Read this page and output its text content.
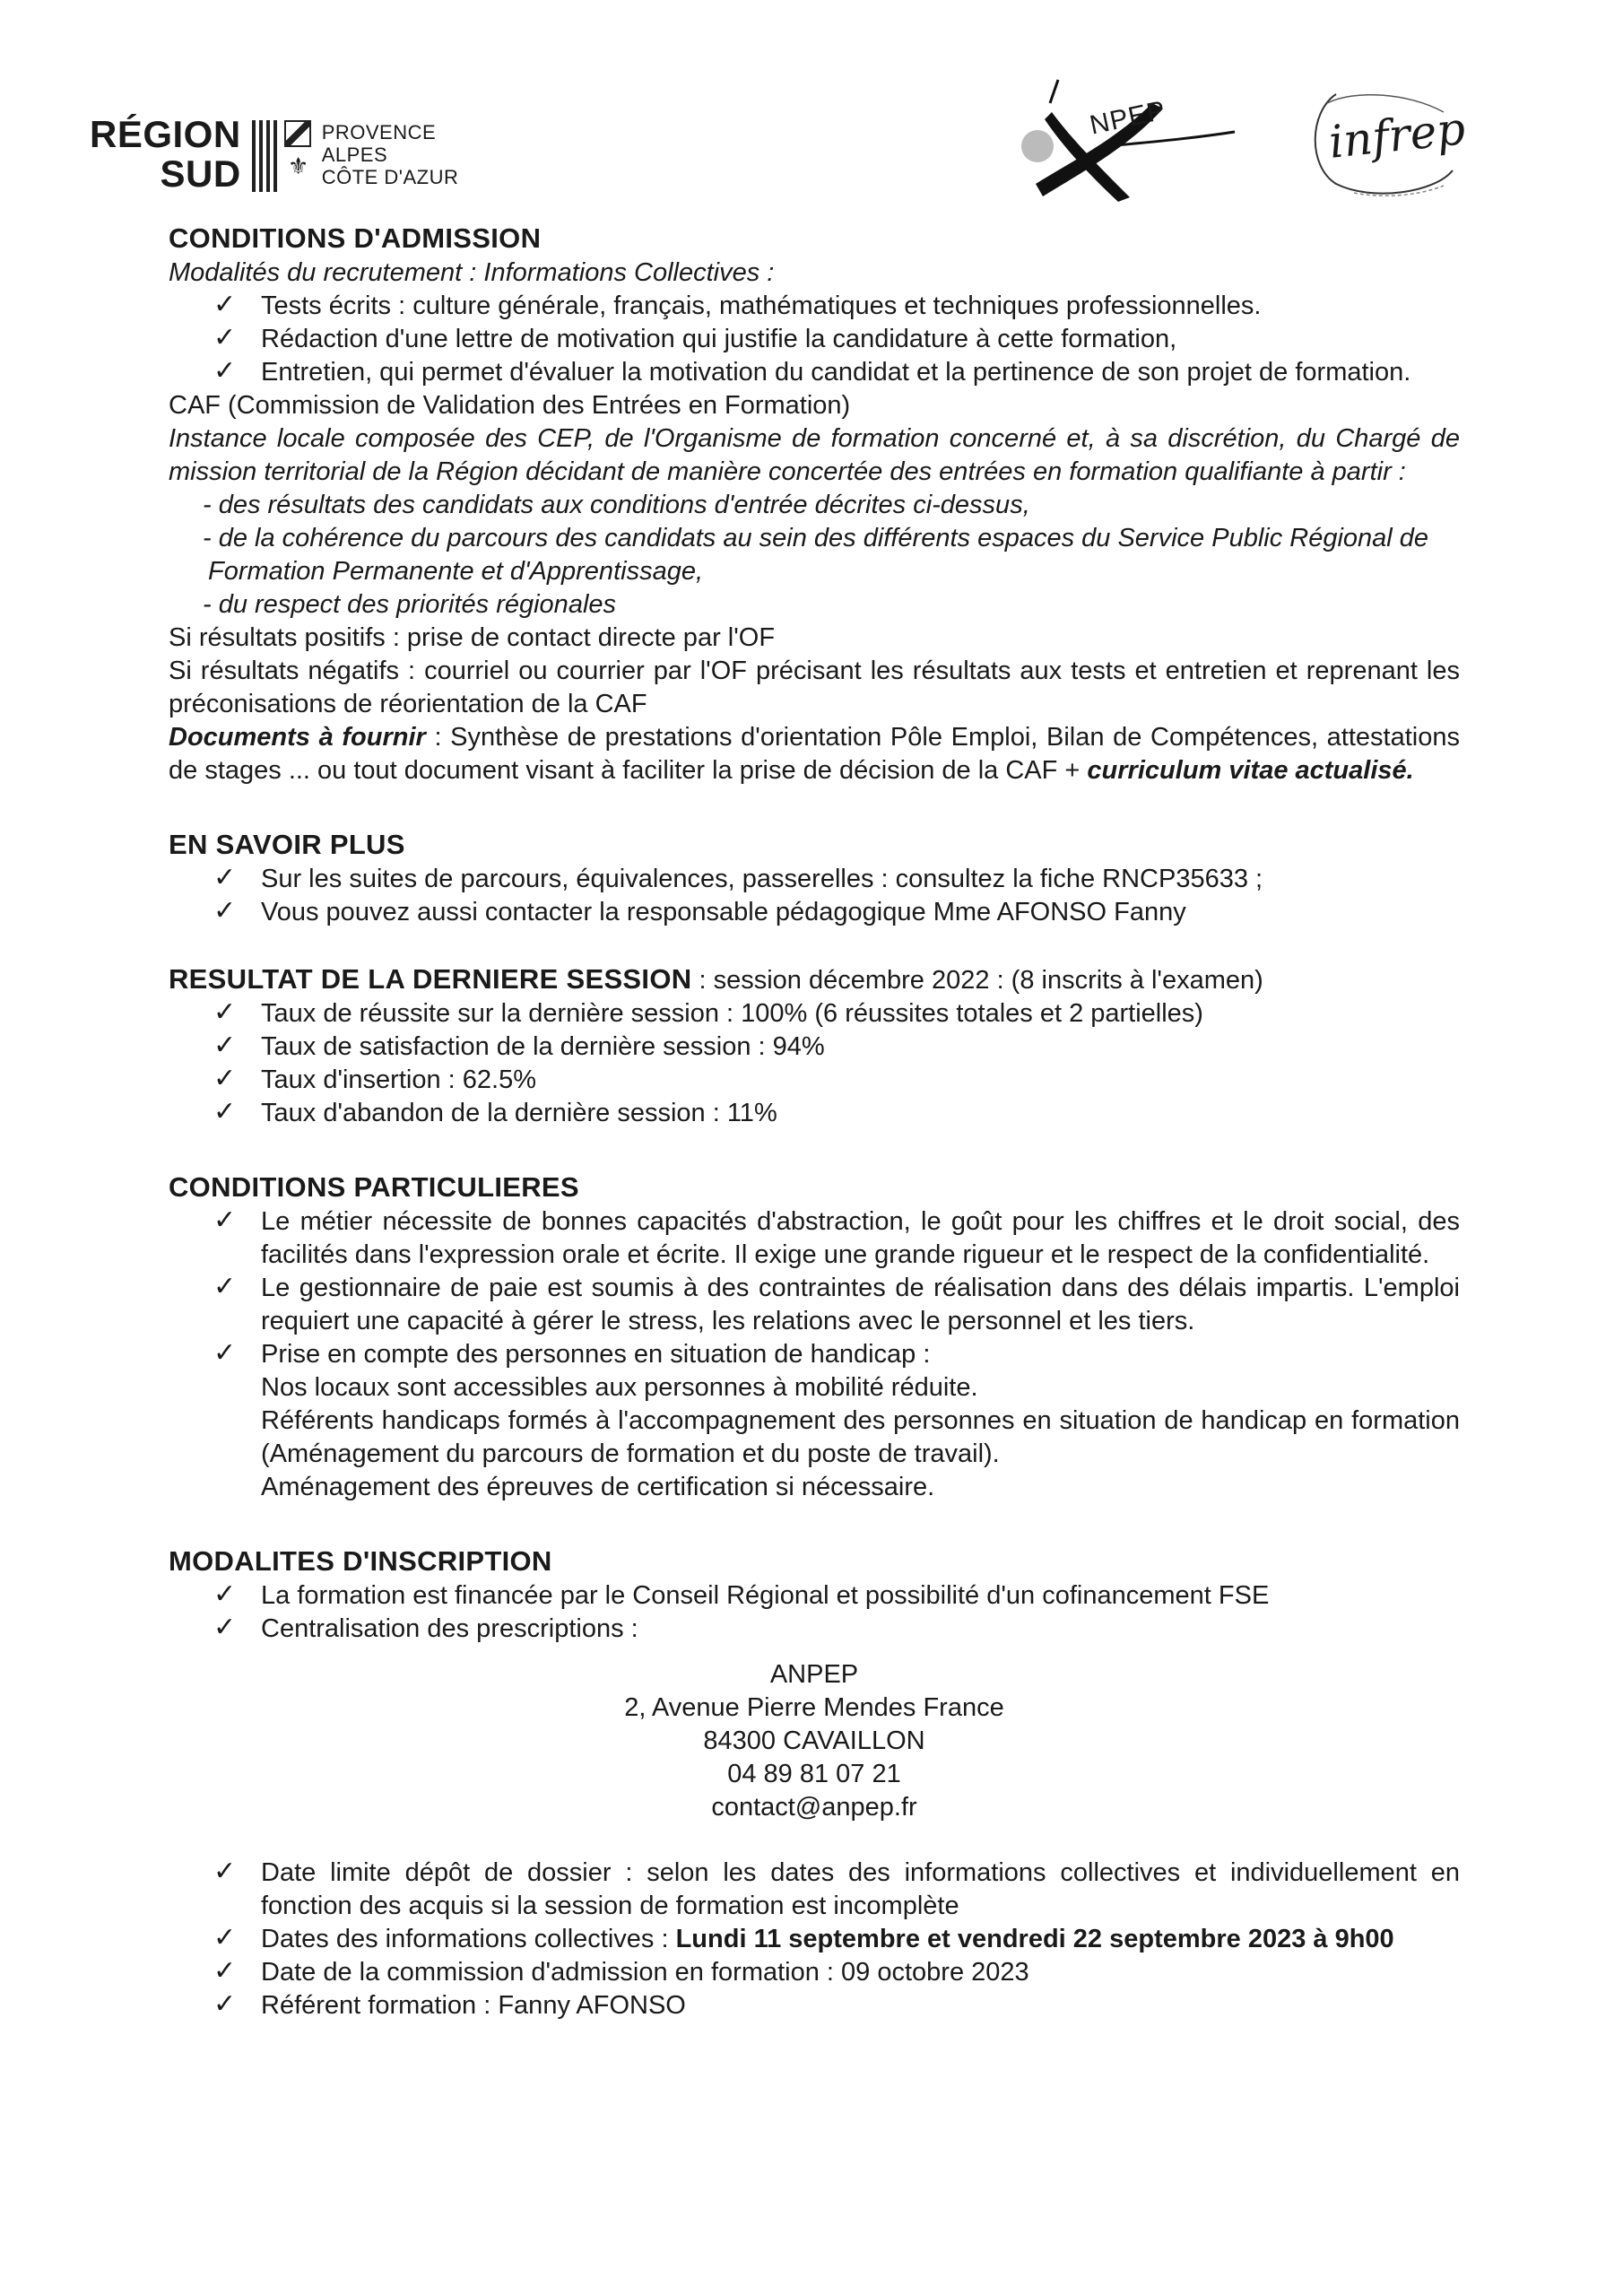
RÉGION
SUD ⚜
PROVENCE
ALPES
CÔTE D'AZUR
NPEP	infrep
CONDITIONS D'ADMISSION
Modalités du recrutement : Informations Collectives :
✓ Tests écrits : culture générale, français, mathématiques et techniques professionnelles.
✓ Rédaction d'une lettre de motivation qui justifie la candidature à cette formation,
✓ Entretien, qui permet d'évaluer la motivation du candidat et la pertinence de son projet de formation.
CAF (Commission de Validation des Entrées en Formation)
Instance locale composée des CEP, de l'Organisme de formation concerné et, à sa discrétion, du Chargé de mission territorial de la Région décidant de manière concertée des entrées en formation qualifiante à partir :
- des résultats des candidats aux conditions d'entrée décrites ci-dessus,
- de la cohérence du parcours des candidats au sein des différents espaces du Service Public Régional de
Formation Permanente et d'Apprentissage,
- du respect des priorités régionales
Si résultats positifs : prise de contact directe par l'OF
Si résultats négatifs : courriel ou courrier par l'OF précisant les résultats aux tests et entretien et reprenant les préconisations de réorientation de la CAF
Documents à fournir : Synthèse de prestations d'orientation Pôle Emploi, Bilan de Compétences, attestations de stages ... ou tout document visant à faciliter la prise de décision de la CAF + curriculum vitae actualisé.
EN SAVOIR PLUS
✓ Sur les suites de parcours, équivalences, passerelles : consultez la fiche RNCP35633 ;
✓ Vous pouvez aussi contacter la responsable pédagogique Mme AFONSO Fanny
RESULTAT DE LA DERNIERE SESSION : session décembre 2022 : (8 inscrits à l'examen)
✓ Taux de réussite sur la dernière session : 100% (6 réussites totales et 2 partielles)
✓ Taux de satisfaction de la dernière session : 94%
✓ Taux d'insertion : 62.5%
✓ Taux d'abandon de la dernière session : 11%
CONDITIONS PARTICULIERES
✓ Le métier nécessite de bonnes capacités d'abstraction, le goût pour les chiffres et le droit social, des facilités dans l'expression orale et écrite. Il exige une grande rigueur et le respect de la confidentialité.
✓ Le gestionnaire de paie est soumis à des contraintes de réalisation dans des délais impartis. L'emploi requiert une capacité à gérer le stress, les relations avec le personnel et les tiers.
✓ Prise en compte des personnes en situation de handicap :
Nos locaux sont accessibles aux personnes à mobilité réduite.
Référents handicaps formés à l'accompagnement des personnes en situation de handicap en formation (Aménagement du parcours de formation et du poste de travail).
Aménagement des épreuves de certification si nécessaire.
MODALITES D'INSCRIPTION
✓ La formation est financée par le Conseil Régional et possibilité d'un cofinancement FSE
✓ Centralisation des prescriptions :
ANPEP
2, Avenue Pierre Mendes France
84300 CAVAILLON
04 89 81 07 21
contact@anpep.fr
✓ Date limite dépôt de dossier : selon les dates des informations collectives et individuellement en fonction des acquis si la session de formation est incomplète
✓ Dates des informations collectives : Lundi 11 septembre et vendredi 22 septembre 2023 à 9h00
✓ Date de la commission d'admission en formation : 09 octobre 2023
✓ Référent formation : Fanny AFONSO
